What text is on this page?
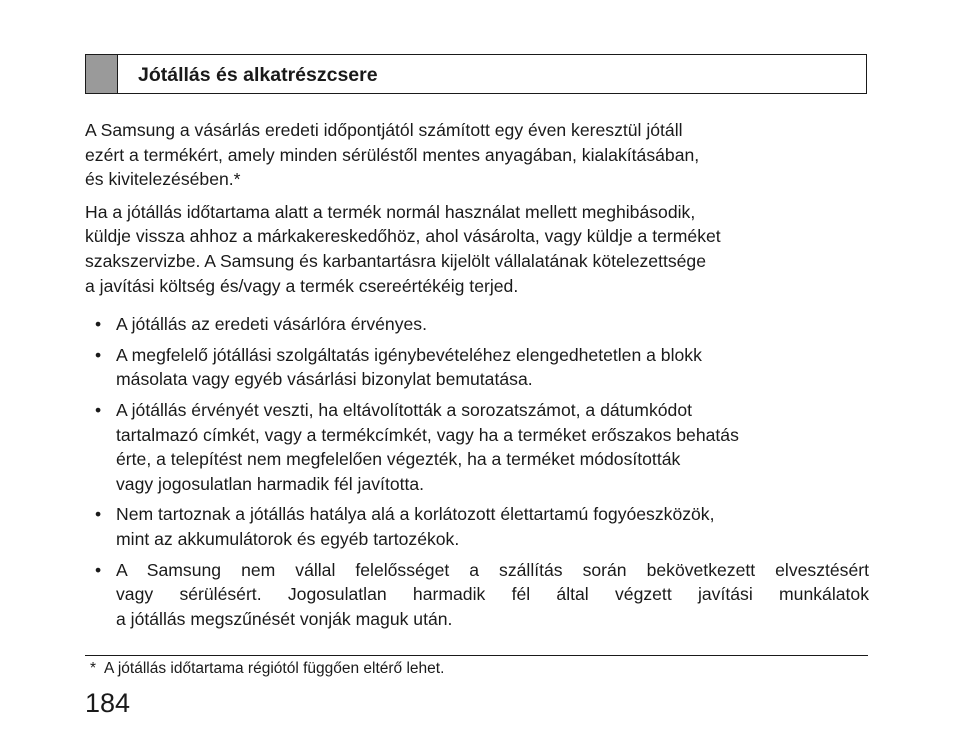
Jótállás és alkatrészcsere

A Samsung a vásárlás eredeti időpontjától számított egy éven keresztül jótáll
ezért a termékért, amely minden sérüléstől mentes anyagában, kialakításában,
és kivitelezésében.*

Ha a jótállás időtartama alatt a termék normál használat mellett meghibásodik,
küldje vissza ahhoz a márkakereskedőhöz, ahol vásárolta, vagy küldje a terméket
szakszervizbe. A Samsung és karbantartásra kijelölt vállalatának kötelezettsége
a javítási költség és/vagy a termék csereértékéig terjed.

• A jótállás az eredeti vásárlóra érvényes.
• A megfelelő jótállási szolgáltatás igénybevételéhez elengedhetetlen a blokk
másolata vagy egyéb vásárlási bizonylat bemutatása.
• A jótállás érvényét veszti, ha eltávolították a sorozatszámot, a dátumkódot
tartalmazó címkét, vagy a termékcímkét, vagy ha a terméket erőszakos behatás
érte, a telepítést nem megfelelően végezték, ha a terméket módosították
vagy jogosulatlan harmadik fél javította.
• Nem tartoznak a jótállás hatálya alá a korlátozott élettartamú fogyóeszközök,
mint az akkumulátorok és egyéb tartozékok.
• A Samsung nem vállal felelősséget a szállítás során bekövetkezett elvesztésért
vagy sérülésért. Jogosulatlan harmadik fél által végzett javítási munkálatok
a jótállás megszűnését vonják maguk után.
* A jótállás időtartama régiótól függően eltérő lehet.
184
